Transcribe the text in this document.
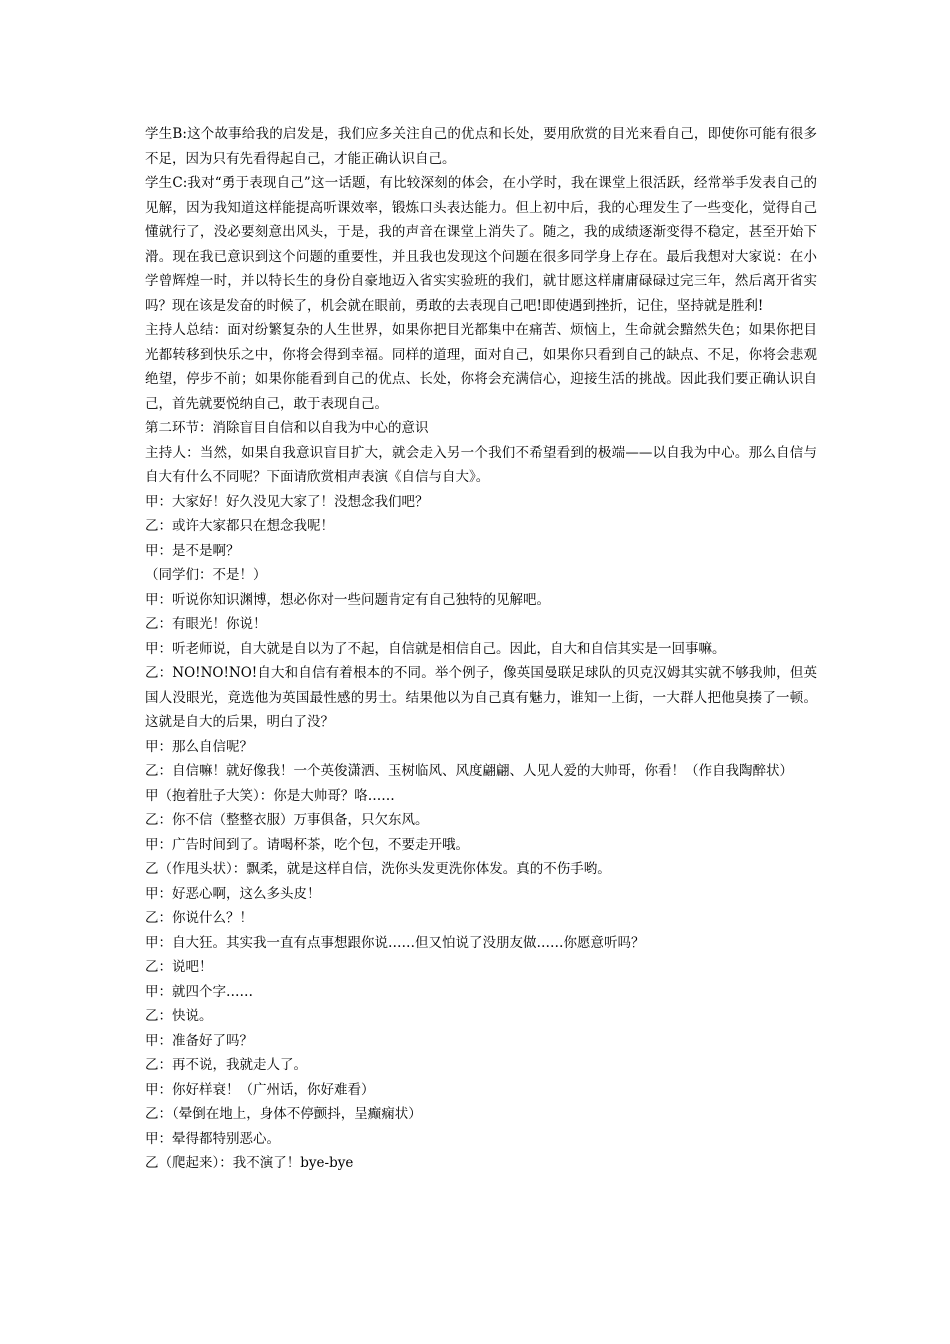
学生B:这个故事给我的启发是，我们应多关注自己的优点和长处，要用欣赏的目光来看自己，即使你可能有很多不足，因为只有先看得起自己，才能正确认识自己。

学生C:我对“勇于表现自己”这一话题，有比较深刻的体会，在小学时，我在课堂上很活跃，经常举手发表自己的见解，因为我知道这样能提高听课效率，锻炼口头表达能力。但上初中后，我的心理发生了一些变化，觉得自己懂就行了，没必要刻意出风头，于是，我的声音在课堂上消失了。随之，我的成绩逐渐变得不稳定，甚至开始下滑。现在我已意识到这个问题的重要性，并且我也发现这个问题在很多同学身上存在。最后我想对大家说：在小学曾辉煌一时，并以特长生的身份自豪地迈入省实实验班的我们，就甘愿这样庸庸碌碌过完三年，然后离开省实吗？现在该是发奋的时候了，机会就在眼前，勇敢的去表现自己吧!即使遇到挫折，记住，坚持就是胜利!

主持人总结：面对纷繁复杂的人生世界，如果你把目光都集中在痛苦、烦恼上，生命就会黯然失色；如果你把目光都转移到快乐之中，你将会得到幸福。同样的道理，面对自己，如果你只看到自己的缺点、不足，你将会悲观绝望，停步不前；如果你能看到自己的优点、长处，你将会充满信心，迎接生活的挑战。因此我们要正确认识自己，首先就要悦纳自己，敢于表现自己。

第二环节：消除盲目自信和以自我为中心的意识

主持人：当然，如果自我意识盲目扩大，就会走入另一个我们不希望看到的极端——以自我为中心。那么自信与自大有什么不同呢？下面请欣赏相声表演《自信与自大》。

甲：大家好！好久没见大家了！没想念我们吧？

乙：或许大家都只在想念我呢！

甲：是不是啊？

（同学们：不是！）

甲：听说你知识渊博，想必你对一些问题肯定有自己独特的见解吧。

乙：有眼光！你说！

甲：听老师说，自大就是自以为了不起，自信就是相信自己。因此，自大和自信其实是一回事嘛。

乙：NO!NO!NO!自大和自信有着根本的不同。举个例子，像英国曼联足球队的贝克汉姆其实就不够我帅，但英国人没眼光，竟选他为英国最性感的男士。结果他以为自己真有魅力，谁知一上街，一大群人把他臭揍了一顿。这就是自大的后果，明白了没？

甲：那么自信呢？

乙：自信嘛！就好像我！一个英俊潇洒、玉树临风、风度翩翩、人见人爱的大帅哥，你看！（作自我陶醉状）

甲（抱着肚子大笑）：你是大帅哥？咯……

乙：你不信（整整衣服）万事俱备，只欠东风。

甲：广告时间到了。请喝杯茶，吃个包，不要走开哦。

乙（作甩头状）：飘柔，就是这样自信，洗你头发更洗你体发。真的不伤手哟。

甲：好恶心啊，这么多头皮！

乙：你说什么？！

甲：自大狂。其实我一直有点事想跟你说……但又怕说了没朋友做……你愿意听吗？

乙：说吧！

甲：就四个字……

乙：快说。

甲：准备好了吗？

乙：再不说，我就走人了。

甲：你好样衰！（广州话，你好难看）

乙：（晕倒在地上，身体不停颤抖，呈癫痫状）

甲：晕得都特别恶心。

乙（爬起来）：我不演了！bye-bye
